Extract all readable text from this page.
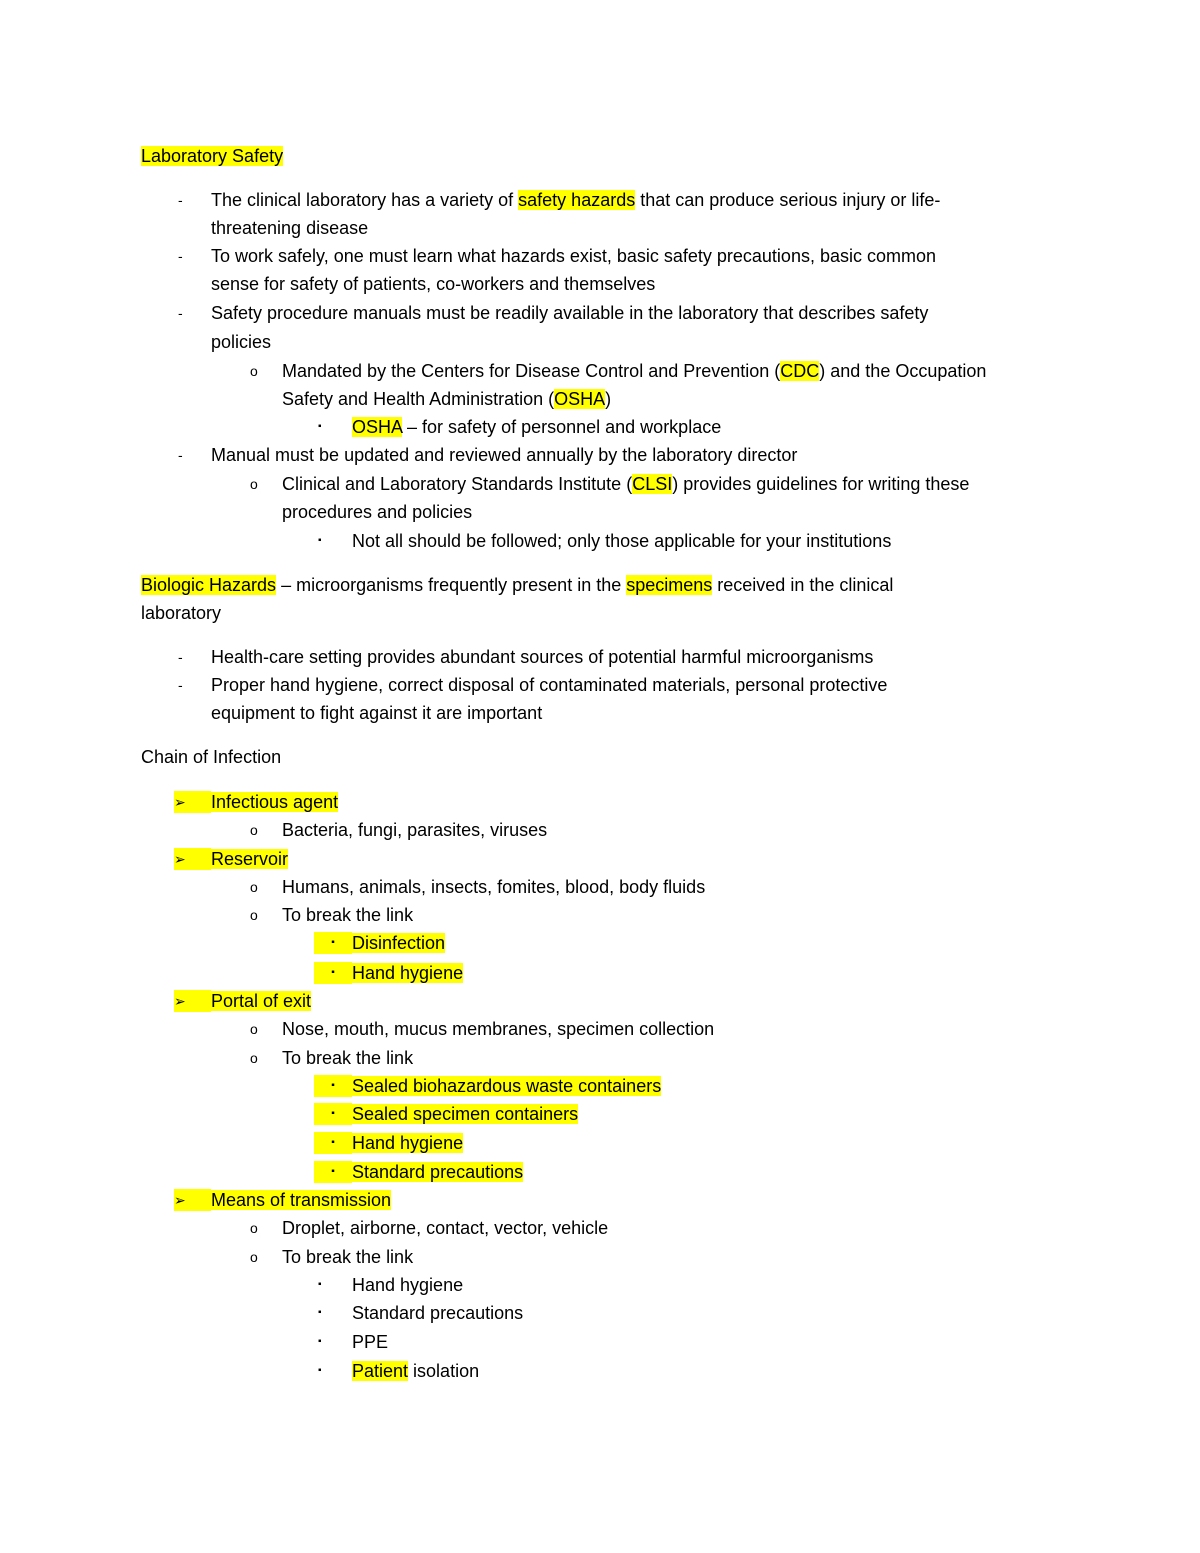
Laboratory Safety
- The clinical laboratory has a variety of safety hazards that can produce serious injury or life-
threatening disease
- To work safely, one must learn what hazards exist, basic safety precautions, basic common
sense for safety of patients, co-workers and themselves
- Safety procedure manuals must be readily available in the laboratory that describes safety
policies
o Mandated by the Centers for Disease Control and Prevention (CDC) and the Occupation
Safety and Health Administration (OSHA)
▪ OSHA – for safety of personnel and workplace
- Manual must be updated and reviewed annually by the laboratory director
o Clinical and Laboratory Standards Institute (CLSI) provides guidelines for writing these
procedures and policies
▪ Not all should be followed; only those applicable for your institutions
Biologic Hazards – microorganisms frequently present in the specimens received in the clinical
laboratory
- Health-care setting provides abundant sources of potential harmful microorganisms
- Proper hand hygiene, correct disposal of contaminated materials, personal protective
equipment to fight against it are important
Chain of Infection
➢	Infectious agent
o Bacteria, fungi, parasites, viruses
➢	Reservoir
o Humans, animals, insects, fomites, blood, body fluids
o To break the link
▪ Disinfection
▪ Hand hygiene
➢	Portal of exit
o Nose, mouth, mucus membranes, specimen collection
o To break the link
▪ Sealed biohazardous waste containers
▪ Sealed specimen containers
▪ Hand hygiene
▪ Standard precautions
➢	Means of transmission
o Droplet, airborne, contact, vector, vehicle
o To break the link
▪ Hand hygiene
▪ Standard precautions
▪ PPE
▪ Patient isolation
